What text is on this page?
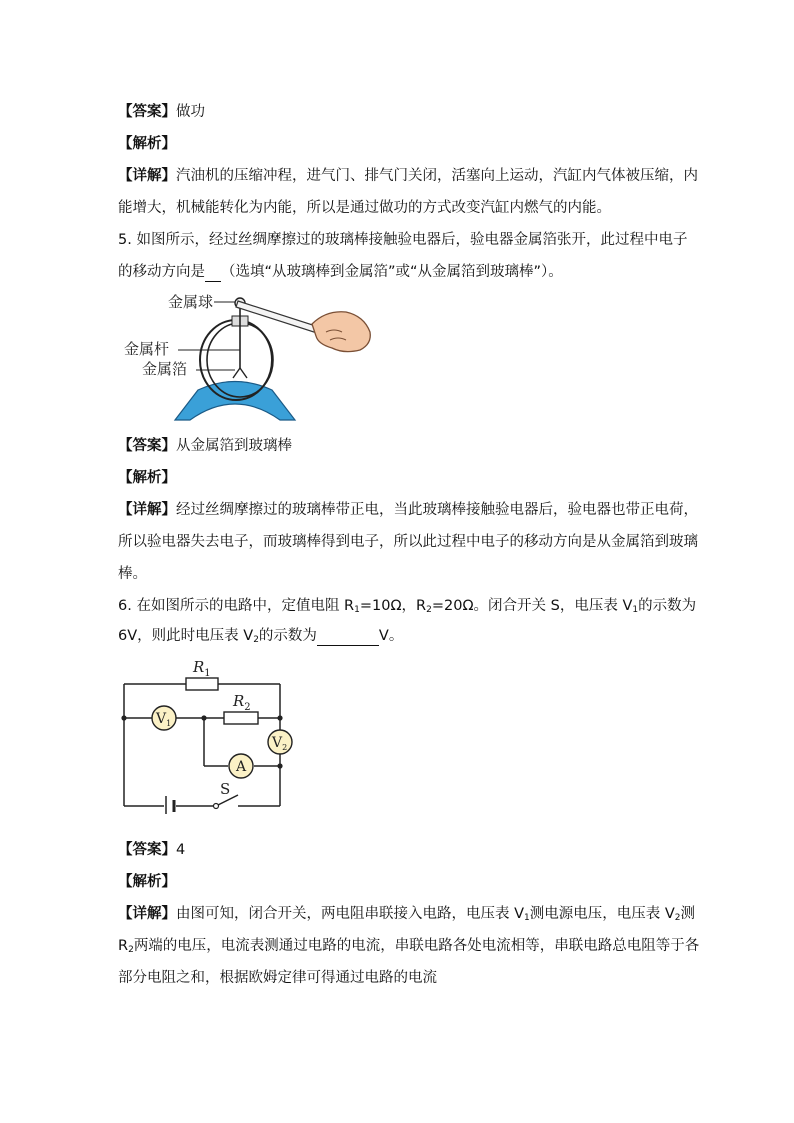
【答案】做功
【解析】
【详解】汽油机的压缩冲程，进气门、排气门关闭，活塞向上运动，汽缸内气体被压缩，内
能增大，机械能转化为内能，所以是通过做功的方式改变汽缸内燃气的内能。
5. 如图所示，经过丝绸摩擦过的玻璃棒接触验电器后，验电器金属箔张开，此过程中电子
的移动方向是 （选填“从玻璃棒到金属箔”或“从金属箔到玻璃棒”）。
金属球
金属杆
金属箔
【答案】从金属箔到玻璃棒
【解析】
【详解】经过丝绸摩擦过的玻璃棒带正电，当此玻璃棒接触验电器后，验电器也带正电荷，
所以验电器失去电子，而玻璃棒得到电子，所以此过程中电子的移动方向是从金属箔到玻璃
棒。
6. 在如图所示的电路中，定值电阻 $R_1=10\Omega$，$R_2=20\Omega$。闭合开关 S，电压表 $V_1$的示数为
6V，则此时电压表 $V_2$的示数为	V。
$R_1$
$R_2$
$V_1$
$V_2$
A
S
【答案】4
【解析】
【详解】由图可知，闭合开关，两电阻串联接入电路，电压表 $V_1$测电源电压，电压表 $V_2$测
$R_2$两端的电压，电流表测通过电路的电流，串联电路各处电流相等，串联电路总电阻等于各
部分电阻之和，根据欧姆定律可得通过电路的电流
